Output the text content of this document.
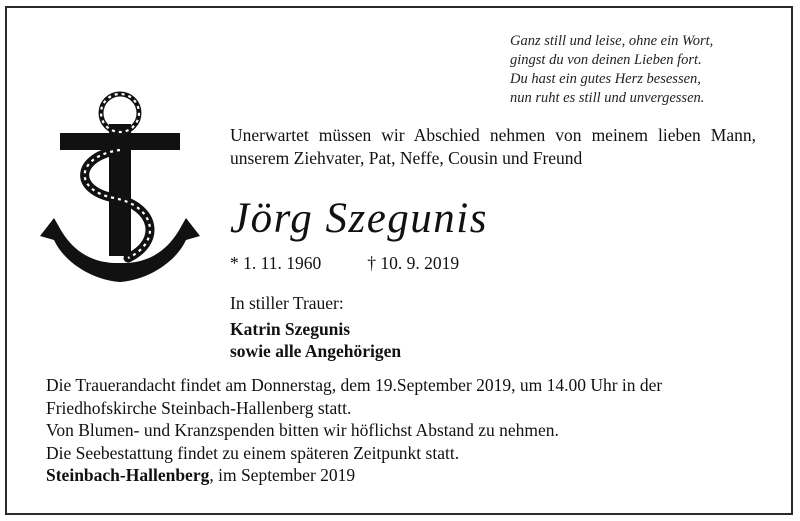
Ganz still und leise, ohne ein Wort,
gingst du von deinen Lieben fort.
Du hast ein gutes Herz besessen,
nun ruht es still und unvergessen.
Unerwartet müssen wir Abschied nehmen von meinem lieben Mann, unserem Ziehvater, Pat, Neffe, Cousin und Freund
Jörg Szegunis
* 1. 11. 1960	† 10. 9. 2019
In stiller Trauer:
Katrin Szegunis
sowie alle Angehörigen
Die Trauerandacht findet am Donnerstag, dem 19.September 2019, um 14.00 Uhr in der Friedhofskirche Steinbach-Hallenberg statt.
Von Blumen- und Kranzspenden bitten wir höflichst Abstand zu nehmen.
Die Seebestattung findet zu einem späteren Zeitpunkt statt.
Steinbach-Hallenberg, im September 2019
